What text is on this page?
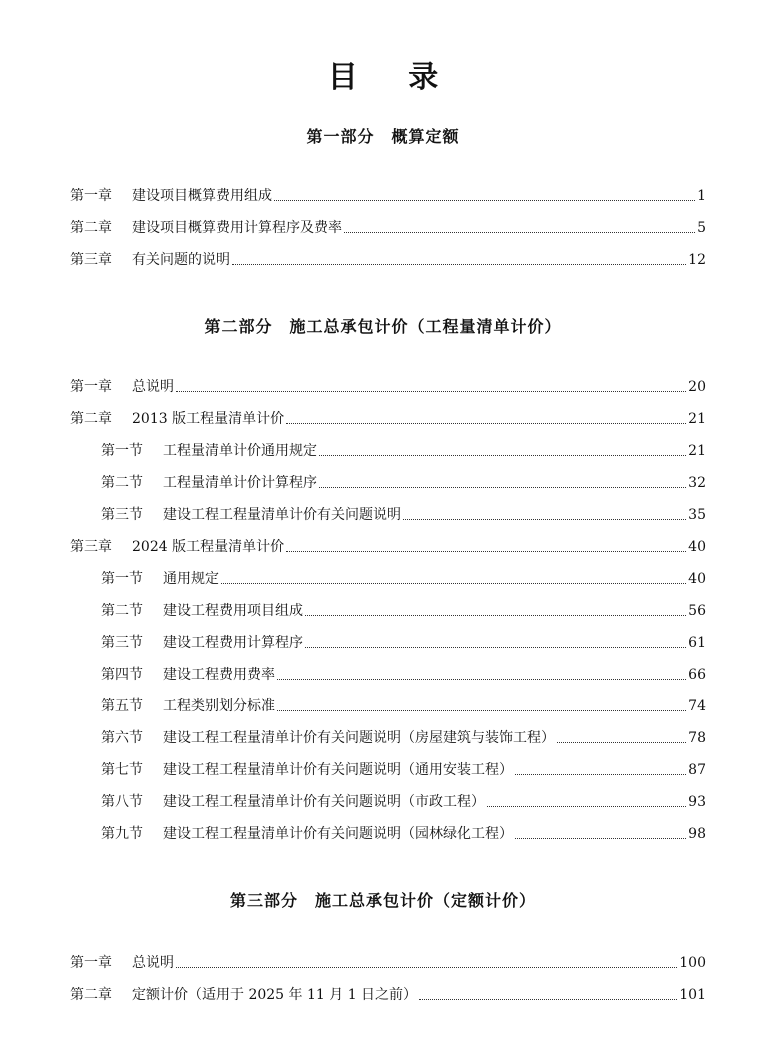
目 录
第一部分　概算定额
第一章	建设项目概算费用组成	1
第二章	建设项目概算费用计算程序及费率	5
第三章	有关问题的说明	12
第二部分　施工总承包计价（工程量清单计价）
第一章	总说明	20
第二章	2013 版工程量清单计价	21
第一节	工程量清单计价通用规定	21
第二节	工程量清单计价计算程序	32
第三节	建设工程工程量清单计价有关问题说明	35
第三章	2024 版工程量清单计价	40
第一节	通用规定	40
第二节	建设工程费用项目组成	56
第三节	建设工程费用计算程序	61
第四节	建设工程费用费率	66
第五节	工程类别划分标准	74
第六节	建设工程工程量清单计价有关问题说明（房屋建筑与装饰工程）	78
第七节	建设工程工程量清单计价有关问题说明（通用安装工程）	87
第八节	建设工程工程量清单计价有关问题说明（市政工程）	93
第九节	建设工程工程量清单计价有关问题说明（园林绿化工程）	98
第三部分　施工总承包计价（定额计价）
第一章	总说明	100
第二章	定额计价（适用于 2025 年 11 月 1 日之前）	101
